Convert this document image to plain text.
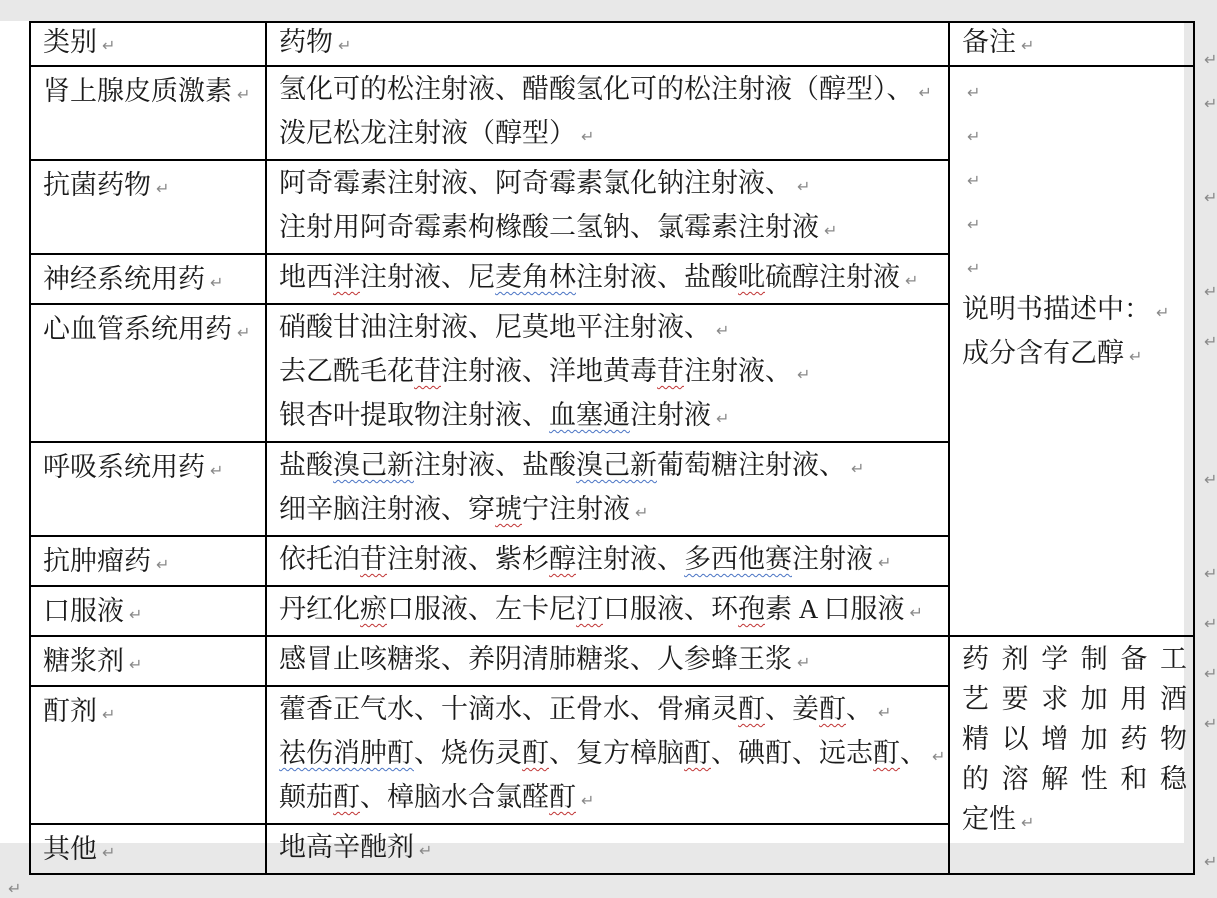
类别 ↵	药物 ↵	备注 ↵
肾上腺皮质激素 ↵	氢化可的松注射液、醋酸氢化可的松注射液（醇型）、 ↵
泼尼松龙注射液（醇型） ↵

↵
↵
↵
↵
↵
说明书描述中： ↵
成分含有乙醇 ↵

抗菌药物 ↵	阿奇霉素注射液、阿奇霉素氯化钠注射液、 ↵
注射用阿奇霉素枸橼酸二氢钠、氯霉素注射液 ↵	

神经系统用药 ↵	地西泮注射液、尼麦角林注射液、盐酸吡硫醇注射液 ↵	

心血管系统用药 ↵	硝酸甘油注射液、尼莫地平注射液、 ↵
去乙酰毛花苷注射液、洋地黄毒苷注射液、 ↵
银杏叶提取物注射液、血塞通注射液 ↵	

呼吸系统用药 ↵	盐酸溴己新注射液、盐酸溴己新葡萄糖注射液、 ↵
细辛脑注射液、穿琥宁注射液 ↵	

抗肿瘤药 ↵	依托泊苷注射液、紫杉醇注射液、多西他赛注射液 ↵	

口服液 ↵	丹红化瘀口服液、左卡尼汀口服液、环孢素 A 口服液 ↵	

糖浆剂 ↵	感冒止咳糖浆、养阴清肺糖浆、人参蜂王浆 ↵	药剂学制备工
艺要求加用酒
精以增加药物
的溶解性和稳
定性 ↵

酊剂 ↵	藿香正气水、十滴水、正骨水、骨痛灵酊、姜酊、 ↵
祛伤消肿酊、烧伤灵酊、复方樟脑酊、碘酊、远志酊、 ↵
颠茄酊、樟脑水合氯醛酊 ↵	

其他 ↵	地高辛酏剂 ↵	
↵
↵
↵
↵
↵
↵
↵
↵
↵
↵
↵
↵
